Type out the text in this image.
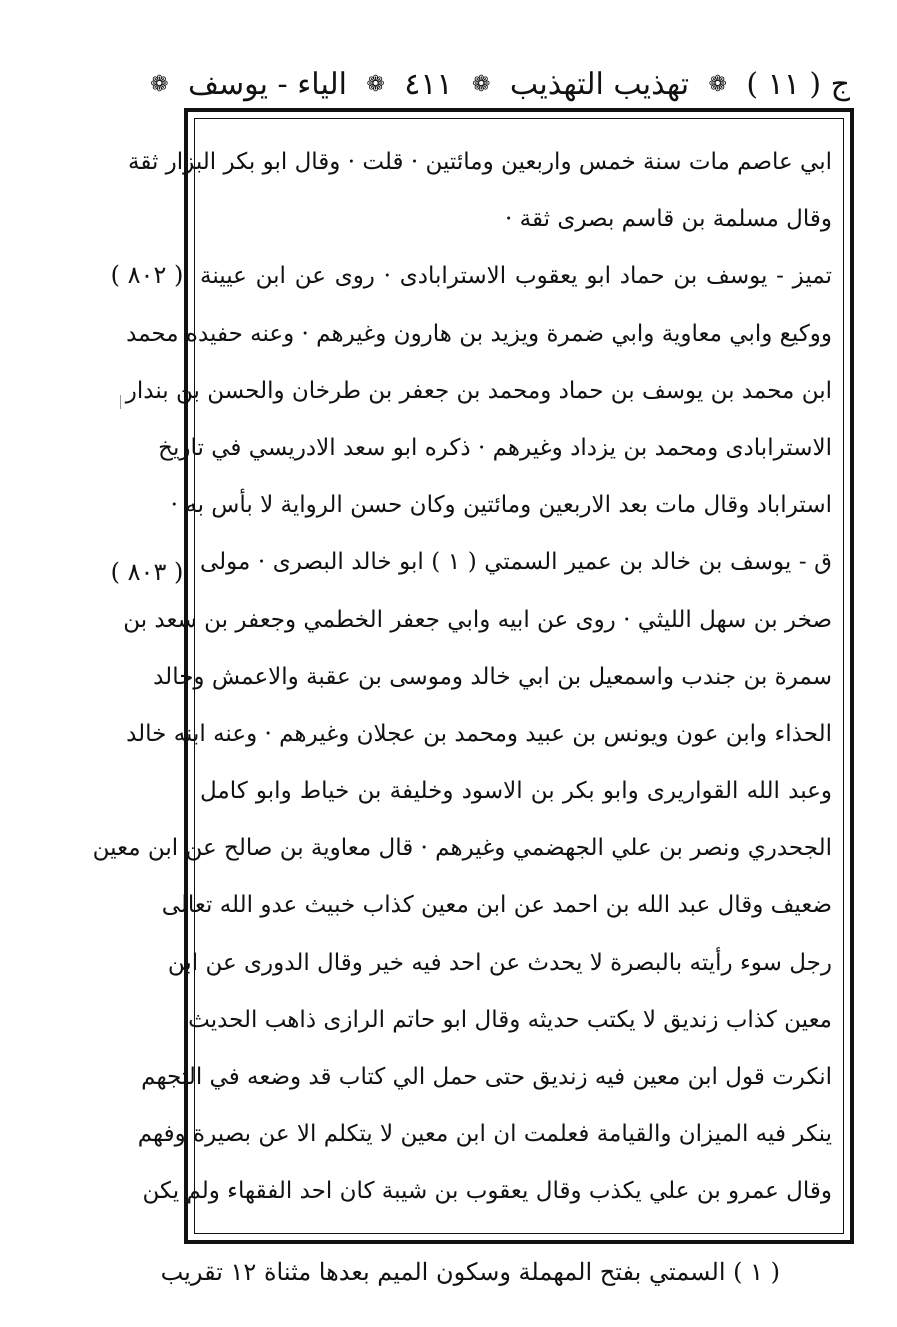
ج ( ١١ )
❁
تهذيب التهذيب
❁
٤١١
❁
الياء - يوسف
❁
ابي عاصم مات سنة خمس واربعين ومائتين · قلت · وقال ابو بكر البزار ثقة
وقال مسلمة بن قاسم بصرى ثقة ·
تميز - يوسف بن حماد ابو يعقوب الاسترابادى · روى عن ابن عيينة
ووكيع وابي معاوية وابي ضمرة ويزيد بن هارون وغيرهم · وعنه حفيده محمد
ابن محمد بن يوسف بن حماد ومحمد بن جعفر بن طرخان والحسن بن بندار
الاسترابادى ومحمد بن يزداد وغيرهم · ذكره ابو سعد الادريسي في تاريخ
استراباد وقال مات بعد الاربعين ومائتين وكان حسن الرواية لا بأس به ·
ق - يوسف بن خالد بن عمير السمتي ( ١ ) ابو خالد البصرى · مولى
صخر بن سهل الليثي · روى عن ابيه وابي جعفر الخطمي وجعفر بن سعد بن
سمرة بن جندب واسمعيل بن ابي خالد وموسى بن عقبة والاعمش وخالد
الحذاء وابن عون ويونس بن عبيد ومحمد بن عجلان وغيرهم · وعنه ابنه خالد
وعبد الله القواريرى وابو بكر بن الاسود وخليفة بن خياط وابو كامل
الجحدري ونصر بن علي الجهضمي وغيرهم · قال معاوية بن صالح عن ابن معين
ضعيف وقال عبد الله بن احمد عن ابن معين كذاب خبيث عدو الله تعالى
رجل سوء رأيته بالبصرة لا يحدث عن احد فيه خير وقال الدورى عن ابن
معين كذاب زنديق لا يكتب حديثه وقال ابو حاتم الرازى ذاهب الحديث
انكرت قول ابن معين فيه زنديق حتى حمل الي كتاب قد وضعه في التجهم
ينكر فيه الميزان والقيامة فعلمت ان ابن معين لا يتكلم الا عن بصيرة وفهم
وقال عمرو بن علي يكذب وقال يعقوب بن شيبة كان احد الفقهاء ولم يكن
( ٨٠٢ )
( ٨٠٣ )
( ١ ) السمتي بفتح المهملة وسكون الميم بعدها مثناة ١٢ تقريب
